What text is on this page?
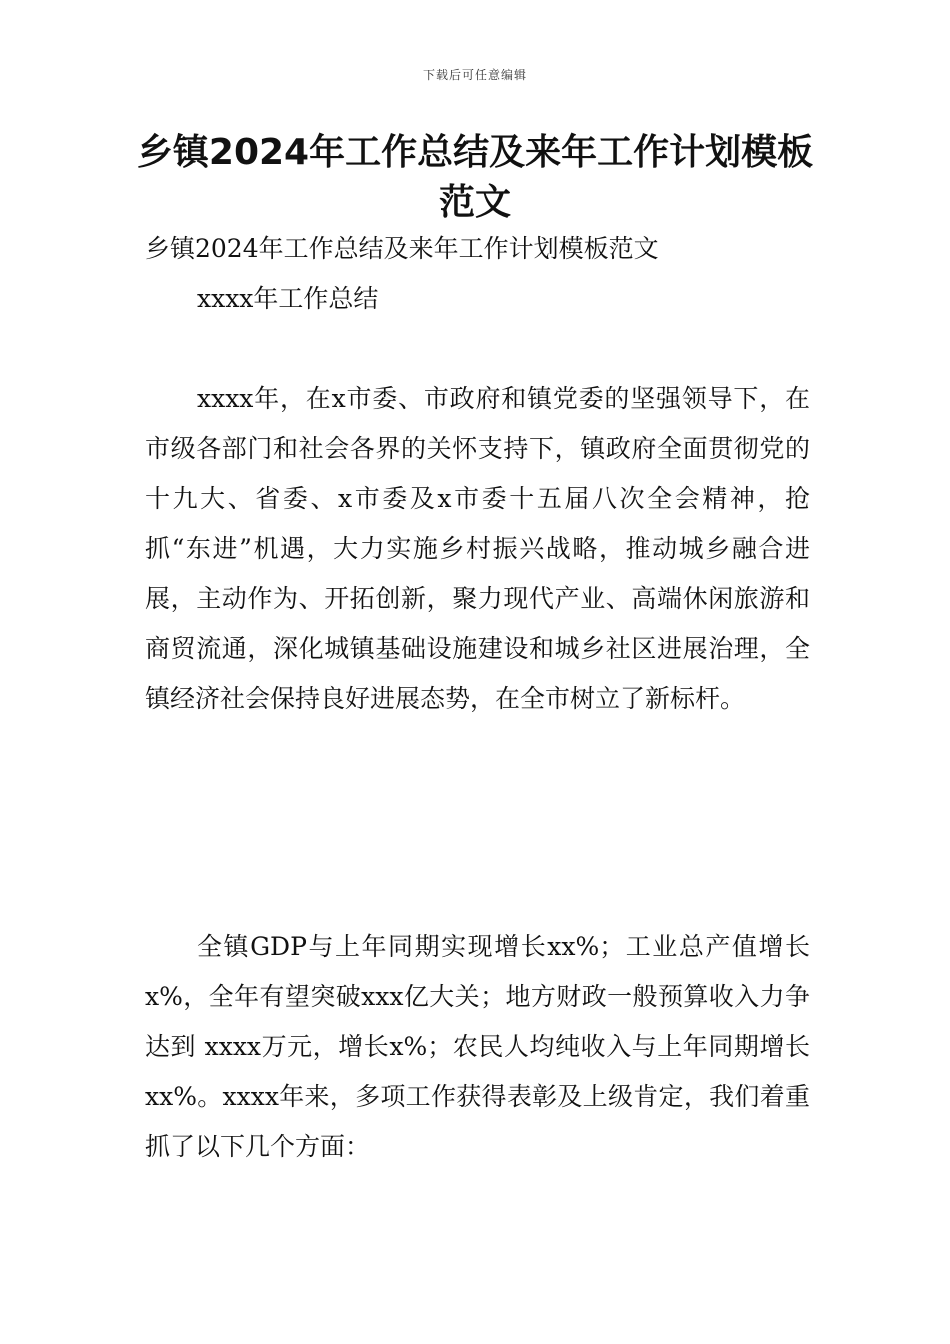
下载后可任意编辑
乡镇2024年工作总结及来年工作计划模板范文

乡镇2024年工作总结及来年工作计划模板范文

xxxx年工作总结

xxxx年，在x市委、市政府和镇党委的坚强领导下，在市级各部门和社会各界的关怀支持下，镇政府全面贯彻党的十九大、省委、x市委及x市委十五届八次全会精神，抢抓“东进”机遇，大力实施乡村振兴战略，推动城乡融合进展，主动作为、开拓创新，聚力现代产业、高端休闲旅游和商贸流通，深化城镇基础设施建设和城乡社区进展治理，全镇经济社会保持良好进展态势，在全市树立了新标杆。

全镇GDP与上年同期实现增长xx%；工业总产值增长x%，全年有望突破xxx亿大关；地方财政一般预算收入力争达到 xxxx万元，增长x%；农民人均纯收入与上年同期增长xx%。xxxx年来，多项工作获得表彰及上级肯定，我们着重抓了以下几个方面：
